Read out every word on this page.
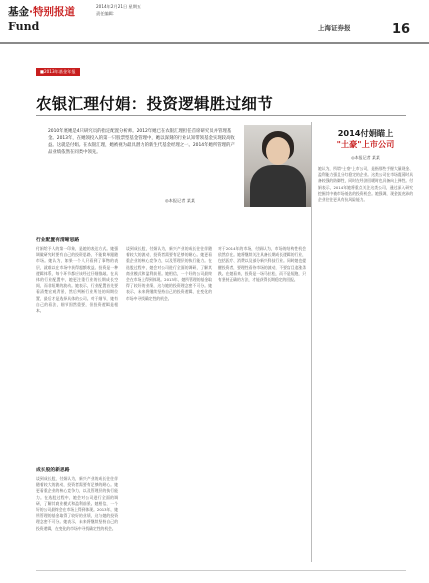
基金·特别报道
Fund
2014年2月21日 星期五
责任编辑：
上海证券报	16
■2013年基金年报
农银汇理付娟：投资逻辑胜过细节
2010年底她是4只研究员的指定配置分析师。2012年她已在农银汇理担任首席研究员并管理基金。2013年，在她领投入的第一只股票型基金管理中，她以深刻的行业认知带领基金实现较高收益。这就是付娟。在农银汇理，她被视为最具潜力的新生代基金经理之一。2014年她所管理的产品业绩依然在同类中领先。
◎本报记者 某某
2014付娟瞄上
"土豪"上市公司
◎本报记者 某某
她认为，所谓"土豪"上市公司，是指那些手握大量现金、盈利能力强且分红稳定的企业。这类公司在市场震荡时具备较强的防御性，同时在经济回暖时也具备向上弹性。付娟表示，2014年她将重点关注这类公司，通过深入研究挖掘其中被市场低估的投资机会。她强调，现金流充沛的企业往往更具有抗风险能力。
行业配置有清晰思路
付娟给予人的第一印象，是她的表达方式。她强调做研究时要有自己的投资思路，不能简单跟随市场。她认为，如果一个人只看到了事物的表层，就难以在市场中获得超额收益。投资是一种逻辑体系，每个环节都应该经过仔细推敲。在具体的行业配置中，她更注重行业的长期成长空间，而非短期的波动。她表示，行业配置首先要看清楚宏观背景，然后判断行业所处的周期位置，最后才是选择具体的公司。对于细节，她有自己的看法，细节固然重要，但投资逻辑是根本。
成长股的新思路
谈到成长股，付娟认为，新兴产业的成长往往伴随着较大的波动，投资者需要有足够的耐心。她更看重企业的核心竞争力，以及管理层的执行能力。在选股过程中，她会对公司进行全面的调研，了解其商业模式和盈利前景。她相信，一个好的公司最终会在市场上得到体现。2013年，她所管理的基金取得了较好的业绩，这与她的投资理念密不可分。她表示，未来将继续坚持自己的投资逻辑，在变化的市场中寻找确定性的机会。
谈到成长股，付娟认为，新兴产业的成长往往伴随着较大的波动，投资者需要有足够的耐心。她更看重企业的核心竞争力，以及管理层的执行能力。在选股过程中，她会对公司进行全面的调研，了解其商业模式和盈利前景。她相信，一个好的公司最终会在市场上得到体现。2013年，她所管理的基金取得了较好的业绩，这与她的投资理念密不可分。她表示，未来将继续坚持自己的投资逻辑，在变化的市场中寻找确定性的机会。
对于2014年的市场，付娟认为，市场的结构性机会依然存在。她将继续关注具备长期成长逻辑的行业，包括医疗、消费以及部分新兴科技行业。同时她也提醒投资者，要理性看待市场的波动，不要盲目追涨杀跌。在她看来，投资是一场马拉松，而不是短跑，只有坚持正确的方法，才能获得长期稳定的回报。
